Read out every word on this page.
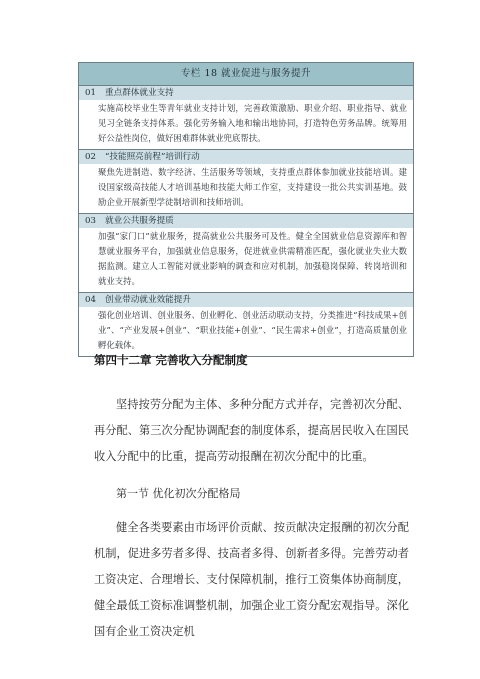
专栏 18 就业促进与服务提升
01 重点群体就业支持
实施高校毕业生等青年就业支持计划，完善政策激励、职业介绍、职业指导、就业见习全链条支持体系。强化劳务输入地和输出地协同，打造特色劳务品牌。统筹用好公益性岗位，做好困难群体就业兜底帮扶。
02 “技能照亮前程”培训行动
聚焦先进制造、数字经济、生活服务等领域，支持重点群体参加就业技能培训。建设国家级高技能人才培训基地和技能大师工作室，支持建设一批公共实训基地。鼓励企业开展新型学徒制培训和技师培训。
03 就业公共服务提质
加强“家门口”就业服务，提高就业公共服务可及性。健全全国就业信息资源库和智慧就业服务平台，加强就业信息服务，促进就业供需精准匹配，强化就业失业大数据监测。建立人工智能对就业影响的调查和应对机制，加强稳岗保障、转岗培训和就业支持。
04 创业带动就业效能提升
强化创业培训、创业服务、创业孵化、创业活动联动支持，分类推进“科技成果+创业”、“产业发展+创业”、“职业技能+创业”、“民生需求+创业”，打造高质量创业孵化载体。
第四十二章 完善收入分配制度

坚持按劳分配为主体、多种分配方式并存，完善初次分配、再分配、第三次分配协调配套的制度体系，提高居民收入在国民收入分配中的比重，提高劳动报酬在初次分配中的比重。

第一节 优化初次分配格局

健全各类要素由市场评价贡献、按贡献决定报酬的初次分配机制，促进多劳者多得、技高者多得、创新者多得。完善劳动者工资决定、合理增长、支付保障机制，推行工资集体协商制度，健全最低工资标准调整机制，加强企业工资分配宏观指导。深化国有企业工资决定机
